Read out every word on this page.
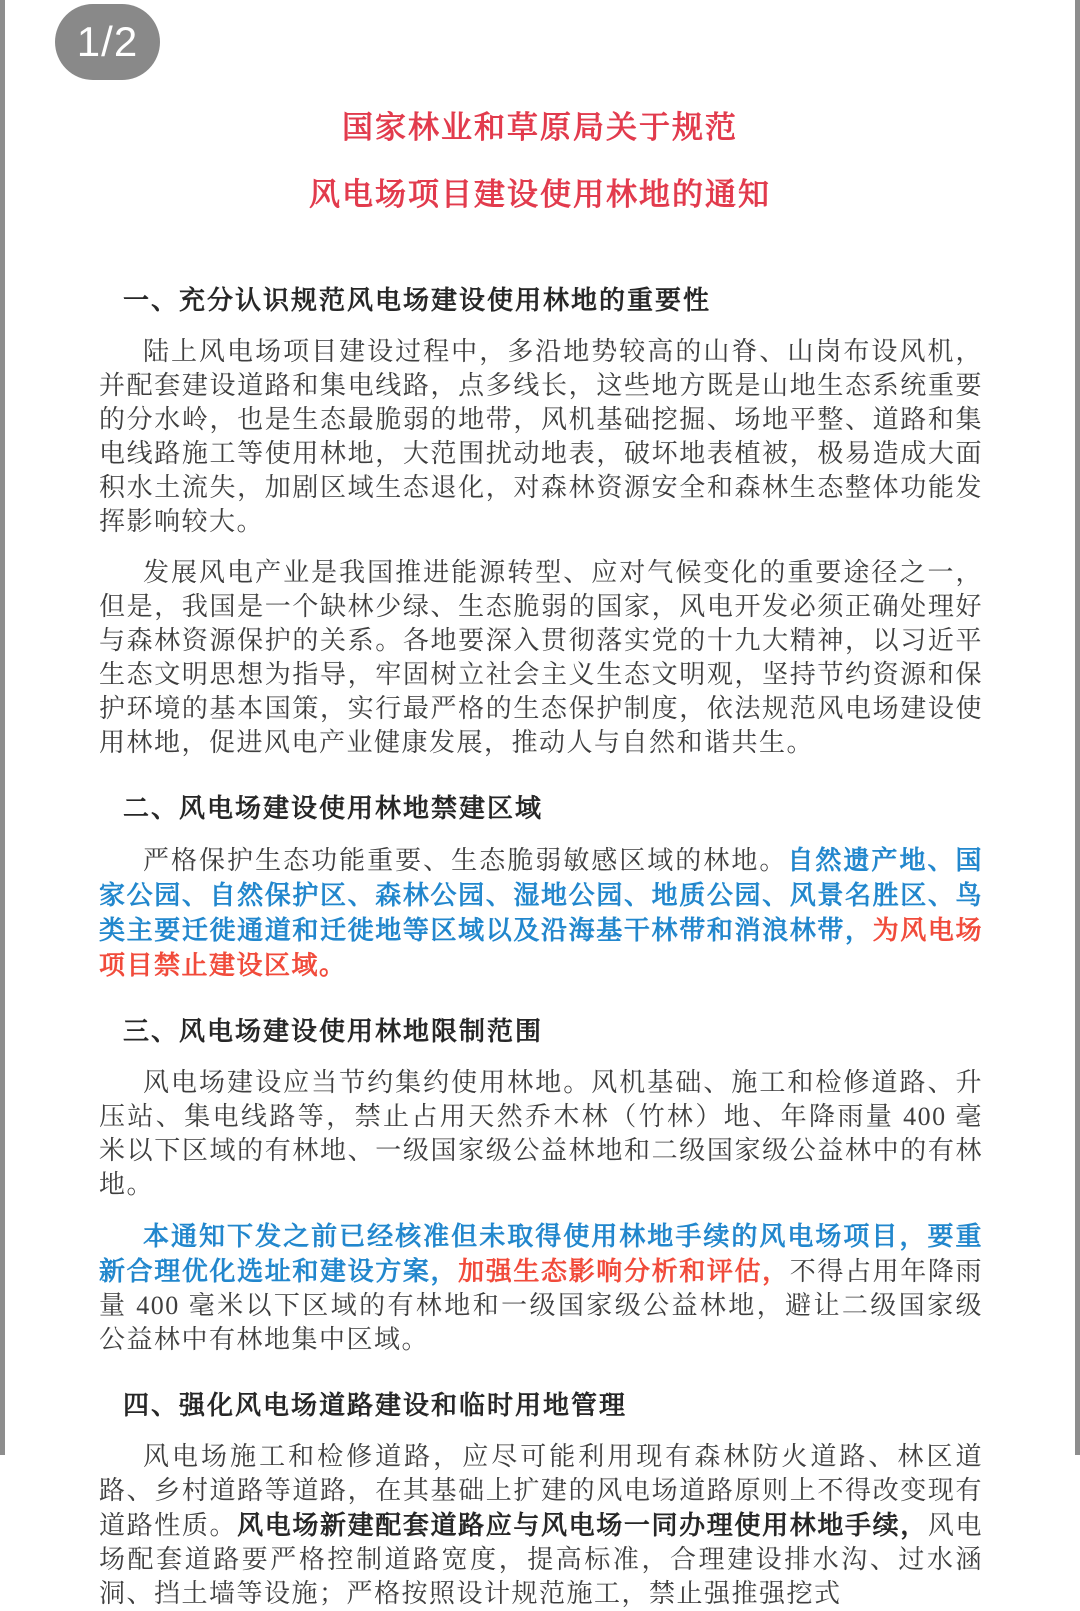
国家林业和草原局关于规范
风电场项目建设使用林地的通知
一、充分认识规范风电场建设使用林地的重要性

陆上风电场项目建设过程中，多沿地势较高的山脊、山岗布设风机，并配套建设道路和集电线路，点多线长，这些地方既是山地生态系统重要的分水岭，也是生态最脆弱的地带，风机基础挖掘、场地平整、道路和集电线路施工等使用林地，大范围扰动地表，破坏地表植被，极易造成大面积水土流失，加剧区域生态退化，对森林资源安全和森林生态整体功能发挥影响较大。

发展风电产业是我国推进能源转型、应对气候变化的重要途径之一，但是，我国是一个缺林少绿、生态脆弱的国家，风电开发必须正确处理好与森林资源保护的关系。各地要深入贯彻落实党的十九大精神，以习近平生态文明思想为指导，牢固树立社会主义生态文明观，坚持节约资源和保护环境的基本国策，实行最严格的生态保护制度，依法规范风电场建设使用林地，促进风电产业健康发展，推动人与自然和谐共生。

二、风电场建设使用林地禁建区域

严格保护生态功能重要、生态脆弱敏感区域的林地。自然遗产地、国家公园、自然保护区、森林公园、湿地公园、地质公园、风景名胜区、鸟类主要迁徙通道和迁徙地等区域以及沿海基干林带和消浪林带，为风电场项目禁止建设区域。

三、风电场建设使用林地限制范围

风电场建设应当节约集约使用林地。风机基础、施工和检修道路、升压站、集电线路等，禁止占用天然乔木林（竹林）地、年降雨量 400 毫米以下区域的有林地、一级国家级公益林地和二级国家级公益林中的有林地。

本通知下发之前已经核准但未取得使用林地手续的风电场项目，要重新合理优化选址和建设方案，加强生态影响分析和评估，不得占用年降雨量 400 毫米以下区域的有林地和一级国家级公益林地，避让二级国家级公益林中有林地集中区域。

四、强化风电场道路建设和临时用地管理

风电场施工和检修道路，应尽可能利用现有森林防火道路、林区道路、乡村道路等道路，在其基础上扩建的风电场道路原则上不得改变现有道路性质。风电场新建配套道路应与风电场一同办理使用林地手续，风电场配套道路要严格控制道路宽度，提高标准，合理建设排水沟、过水涵洞、挡土墙等设施；严格按照设计规范施工，禁止强推强挖式

1/2
